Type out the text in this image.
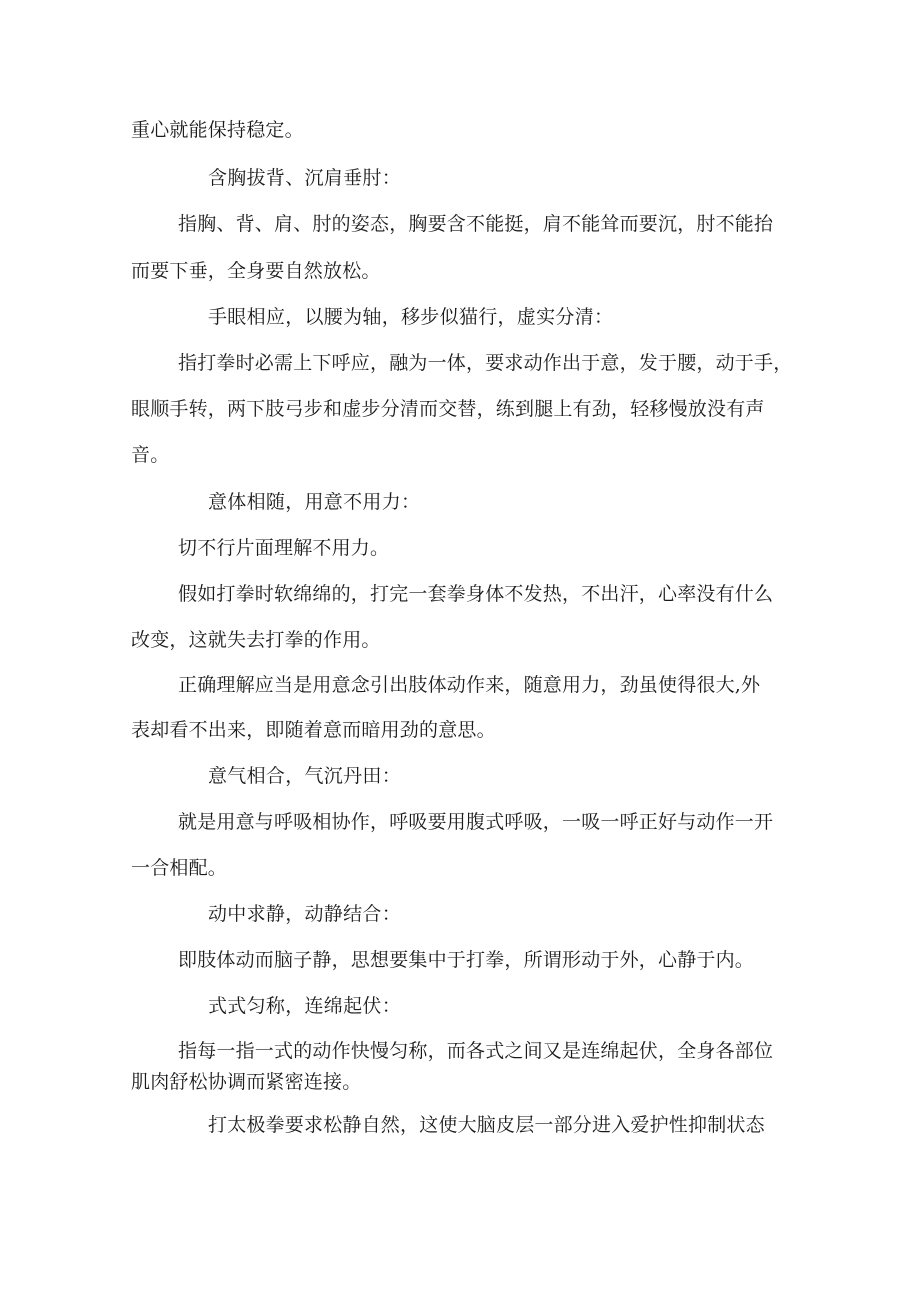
重心就能保持稳定。
含胸拔背、沉肩垂肘：
指胸、背、肩、肘的姿态，胸要含不能挺，肩不能耸而要沉，肘不能抬
而要下垂，全身要自然放松。
手眼相应，以腰为轴，移步似猫行，虚实分清：
指打拳时必需上下呼应，融为一体，要求动作出于意，发于腰，动于手，
眼顺手转，两下肢弓步和虚步分清而交替，练到腿上有劲，轻移慢放没有声
音。
意体相随，用意不用力：
切不行片面理解不用力。
假如打拳时软绵绵的，打完一套拳身体不发热，不出汗，心率没有什么
改变，这就失去打拳的作用。
正确理解应当是用意念引出肢体动作来，随意用力，劲虽使得很大,外
表却看不出来，即随着意而暗用劲的意思。
意气相合，气沉丹田：
就是用意与呼吸相协作，呼吸要用腹式呼吸，一吸一呼正好与动作一开
一合相配。
动中求静，动静结合：
即肢体动而脑子静，思想要集中于打拳，所谓形动于外，心静于内。
式式匀称，连绵起伏：
指每一指一式的动作快慢匀称，而各式之间又是连绵起伏，全身各部位
肌肉舒松协调而紧密连接。
打太极拳要求松静自然，这使大脑皮层一部分进入爱护性抑制状态
